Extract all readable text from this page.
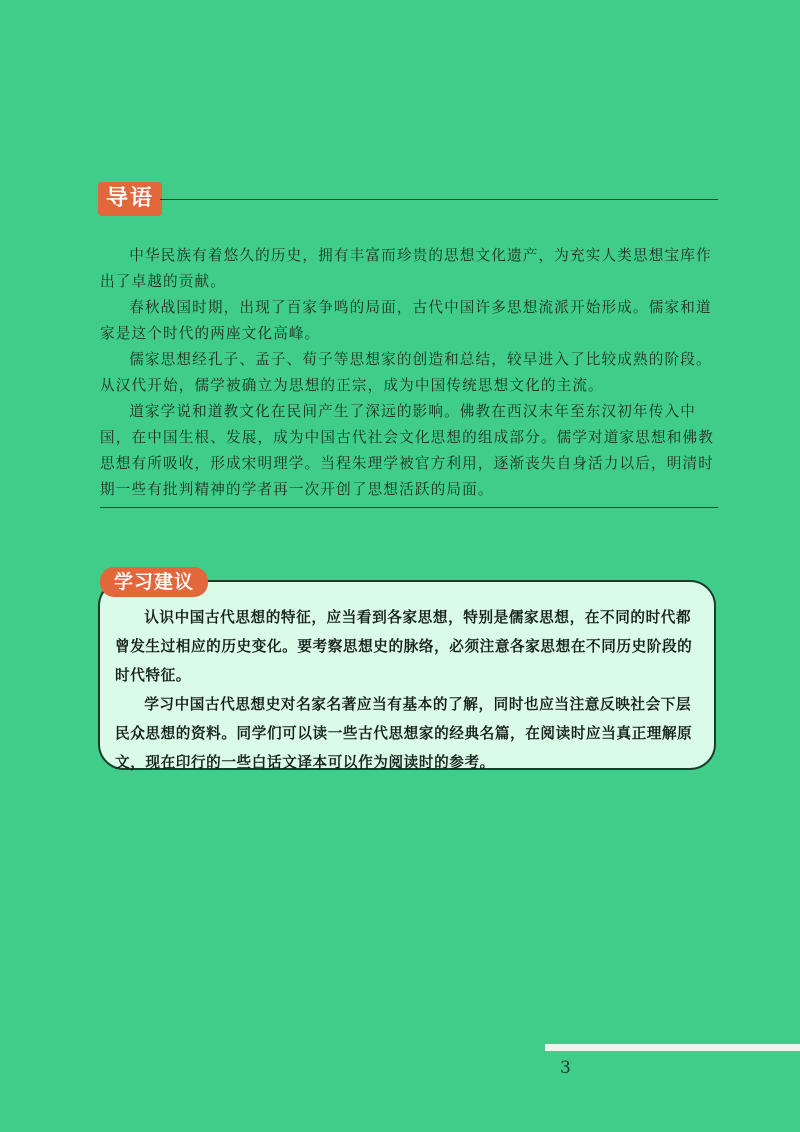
导语

中华民族有着悠久的历史，拥有丰富而珍贵的思想文化遗产，为充实人类思想宝库作出了卓越的贡献。

春秋战国时期，出现了百家争鸣的局面，古代中国许多思想流派开始形成。儒家和道家是这个时代的两座文化高峰。

儒家思想经孔子、孟子、荀子等思想家的创造和总结，较早进入了比较成熟的阶段。从汉代开始，儒学被确立为思想的正宗，成为中国传统思想文化的主流。

道家学说和道教文化在民间产生了深远的影响。佛教在西汉末年至东汉初年传入中国，在中国生根、发展，成为中国古代社会文化思想的组成部分。儒学对道家思想和佛教思想有所吸收，形成宋明理学。当程朱理学被官方利用，逐渐丧失自身活力以后，明清时期一些有批判精神的学者再一次开创了思想活跃的局面。

学习建议

认识中国古代思想的特征，应当看到各家思想，特别是儒家思想，在不同的时代都曾发生过相应的历史变化。要考察思想史的脉络，必须注意各家思想在不同历史阶段的时代特征。

学习中国古代思想史对名家名著应当有基本的了解，同时也应当注意反映社会下层民众思想的资料。同学们可以读一些古代思想家的经典名篇，在阅读时应当真正理解原文，现在印行的一些白话文译本可以作为阅读时的参考。

3
